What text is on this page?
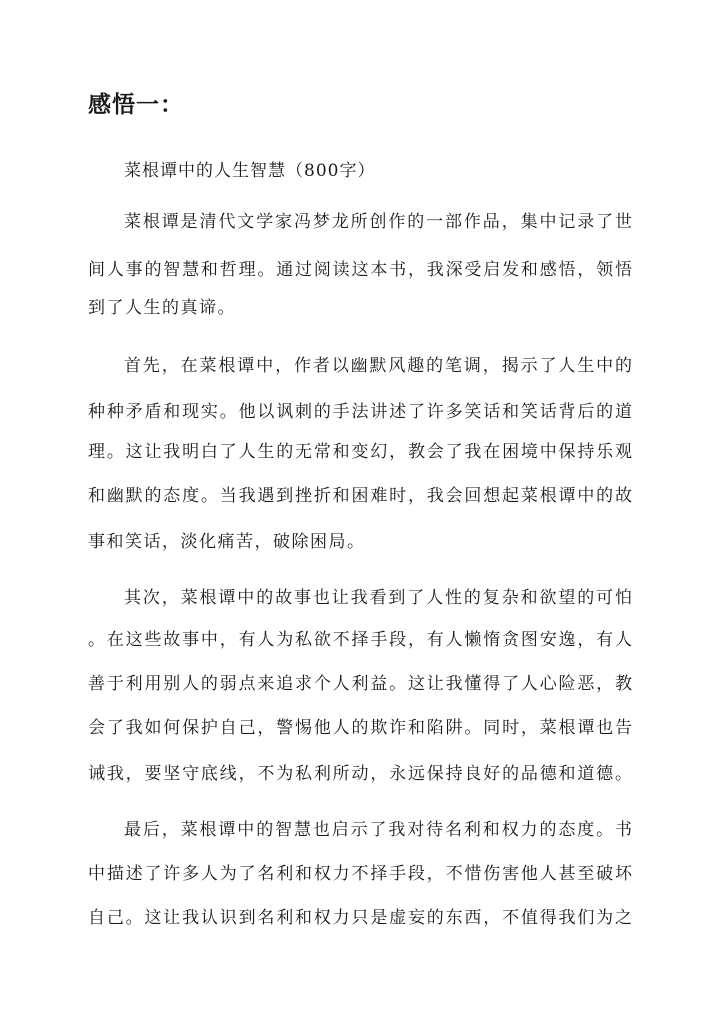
感悟一：

菜根谭中的人生智慧（800字）

菜根谭是清代文学家冯梦龙所创作的一部作品，集中记录了世

间人事的智慧和哲理。通过阅读这本书，我深受启发和感悟，领悟

到了人生的真谛。

首先，在菜根谭中，作者以幽默风趣的笔调，揭示了人生中的

种种矛盾和现实。他以讽刺的手法讲述了许多笑话和笑话背后的道

理。这让我明白了人生的无常和变幻，教会了我在困境中保持乐观

和幽默的态度。当我遇到挫折和困难时，我会回想起菜根谭中的故

事和笑话，淡化痛苦，破除困局。

其次，菜根谭中的故事也让我看到了人性的复杂和欲望的可怕

。在这些故事中，有人为私欲不择手段，有人懒惰贪图安逸，有人

善于利用别人的弱点来追求个人利益。这让我懂得了人心险恶，教

会了我如何保护自己，警惕他人的欺诈和陷阱。同时，菜根谭也告

诫我，要坚守底线，不为私利所动，永远保持良好的品德和道德。

最后，菜根谭中的智慧也启示了我对待名利和权力的态度。书

中描述了许多人为了名利和权力不择手段，不惜伤害他人甚至破坏

自己。这让我认识到名利和权力只是虚妄的东西，不值得我们为之
